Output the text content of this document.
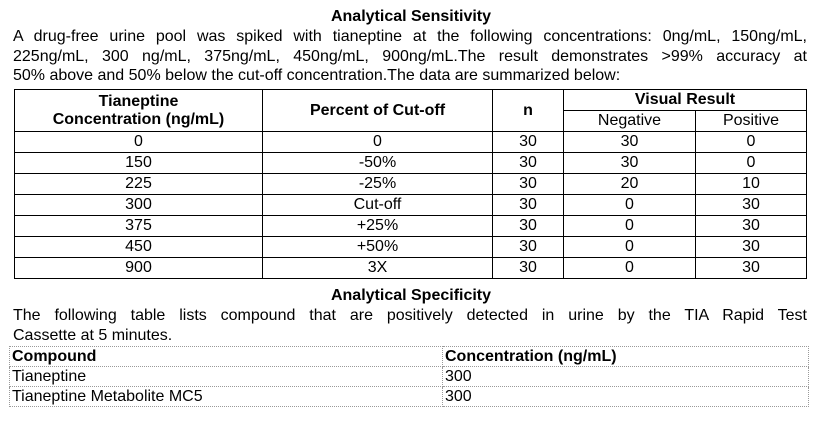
Analytical Sensitivity
A drug-free urine pool was spiked with tianeptine at the following concentrations: 0ng/mL, 150ng/mL,
225ng/mL, 300 ng/mL, 375ng/mL, 450ng/mL, 900ng/mL.The result demonstrates >99% accuracy at
50% above and 50% below the cut-off concentration.The data are summarized below:
Tianeptine
Concentration (ng/mL)	Percent of Cut-off	n	Visual Result	
			Negative	Positive
0	0	30	30	0
150	-50%	30	30	0
225	-25%	30	20	10
300	Cut-off	30	0	30
375	+25%	30	0	30
450	+50%	30	0	30
900	3X	30	0	30
Analytical Specificity
The following table lists compound that are positively detected in urine by the TIA Rapid Test
Cassette at 5 minutes.
Compound	Concentration (ng/mL)
Tianeptine	300
Tianeptine Metabolite MC5	300
